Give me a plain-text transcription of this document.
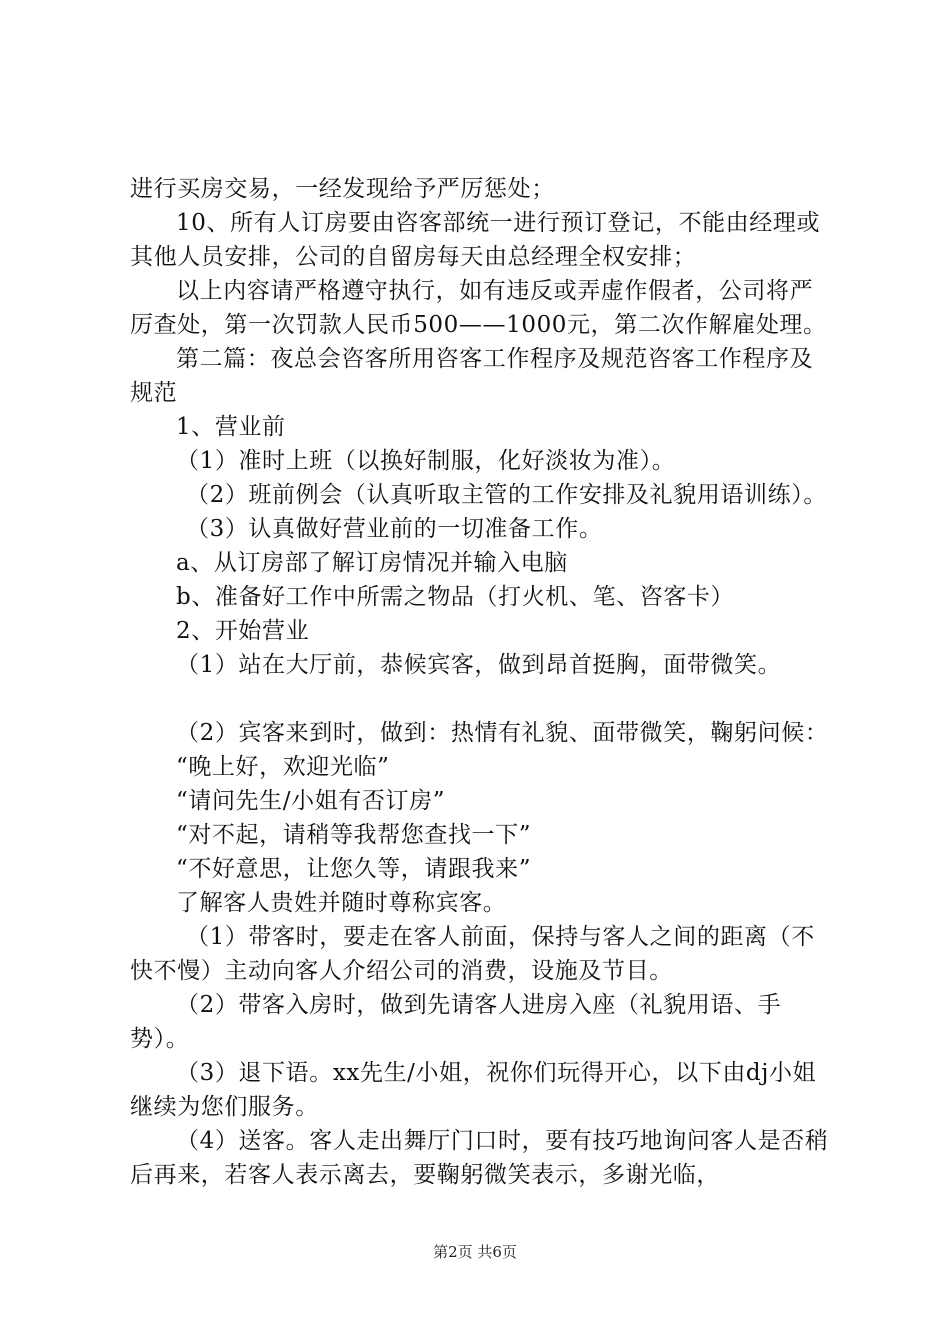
进行买房交易，一经发现给予严厉惩处；

10、所有人订房要由咨客部统一进行预订登记，不能由经理或其他人员安排，公司的自留房每天由总经理全权安排；

以上内容请严格遵守执行，如有违反或弄虚作假者，公司将严厉查处，第一次罚款人民币500——1000元，第二次作解雇处理。

第二篇：夜总会咨客所用咨客工作程序及规范咨客工作程序及规范

1、营业前

（1）准时上班（以换好制服，化好淡妆为准）。

（2）班前例会（认真听取主管的工作安排及礼貌用语训练）。

（3）认真做好营业前的一切准备工作。

a、从订房部了解订房情况并输入电脑

b、准备好工作中所需之物品（打火机、笔、咨客卡）

2、开始营业

（1）站在大厅前，恭候宾客，做到昂首挺胸，面带微笑。

（2）宾客来到时，做到：热情有礼貌、面带微笑，鞠躬问候：

“晚上好，欢迎光临”

“请问先生/小姐有否订房”

“对不起，请稍等我帮您查找一下”

“不好意思，让您久等，请跟我来”

了解客人贵姓并随时尊称宾客。

（1）带客时，要走在客人前面，保持与客人之间的距离（不快不慢）主动向客人介绍公司的消费，设施及节目。

（2）带客入房时，做到先请客人进房入座（礼貌用语、手势）。

（3）退下语。xx先生/小姐，祝你们玩得开心，以下由dj小姐继续为您们服务。

（4）送客。客人走出舞厅门口时，要有技巧地询问客人是否稍后再来，若客人表示离去，要鞠躬微笑表示，多谢光临，

第2页 共6页
